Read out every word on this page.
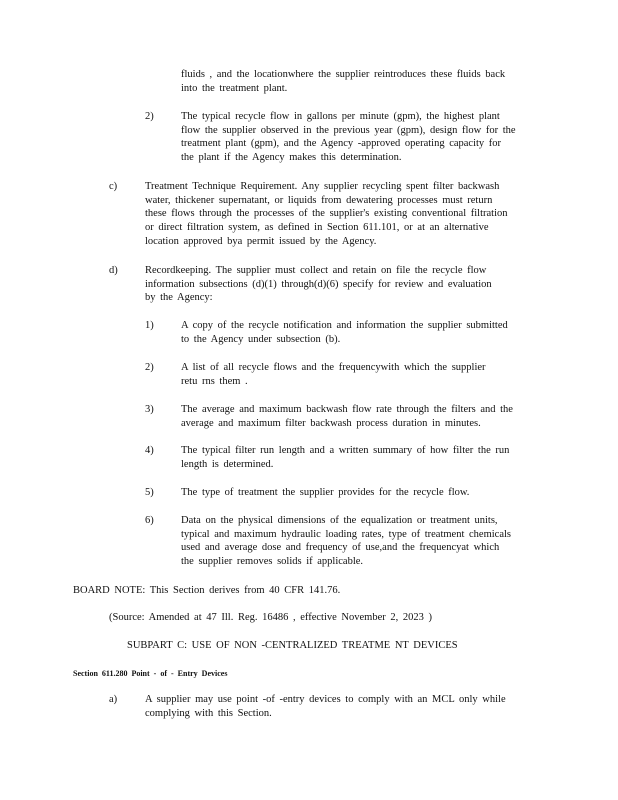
fluids , and the locationwhere the supplier reintroduces these fluids back
into the treatment plant.
2)	The typical recycle flow in gallons per minute (gpm), the highest plant
flow the supplier observed in the previous year (gpm), design flow for the
treatment plant (gpm), and the Agency -approved operating capacity for
the plant if the Agency makes this determination.
c)	Treatment Technique Requirement. Any supplier recycling spent filter backwash
water, thickener supernatant, or liquids from dewatering processes must return
these flows through the processes of the supplier's existing conventional filtration
or direct filtration system, as defined in Section 611.101, or at an alternative
location approved bya permit issued by the Agency.
d)	Recordkeeping. The supplier must collect and retain on file the recycle flow
information subsections (d)(1) through(d)(6) specify for review and evaluation
by the Agency:
1)	A copy of the recycle notification and information the supplier submitted
to the Agency under subsection (b).
2)	A list of all recycle flows and the frequencywith which the supplier
retu rns them .
3)	The average and maximum backwash flow rate through the filters and the
average and maximum filter backwash process duration in minutes.
4)	The typical filter run length and a written summary of how filter the run
length is determined.
5)	The type of treatment the supplier provides for the recycle flow.
6)	Data on the physical dimensions of the equalization or treatment units,
typical and maximum hydraulic loading rates, type of treatment chemicals
used and average dose and frequency of use,and the frequencyat which
the supplier removes solids if applicable.
BOARD NOTE: This Section derives from 40 CFR 141.76.
(Source: Amended at 47 Ill. Reg. 16486 , effective November 2, 2023 )
SUBPART C: USE OF NON -CENTRALIZED TREATME NT DEVICES
Section 611.280 Point - of - Entry Devices
a)	A supplier may use point -of -entry devices to comply with an MCL only while
complying with this Section.
